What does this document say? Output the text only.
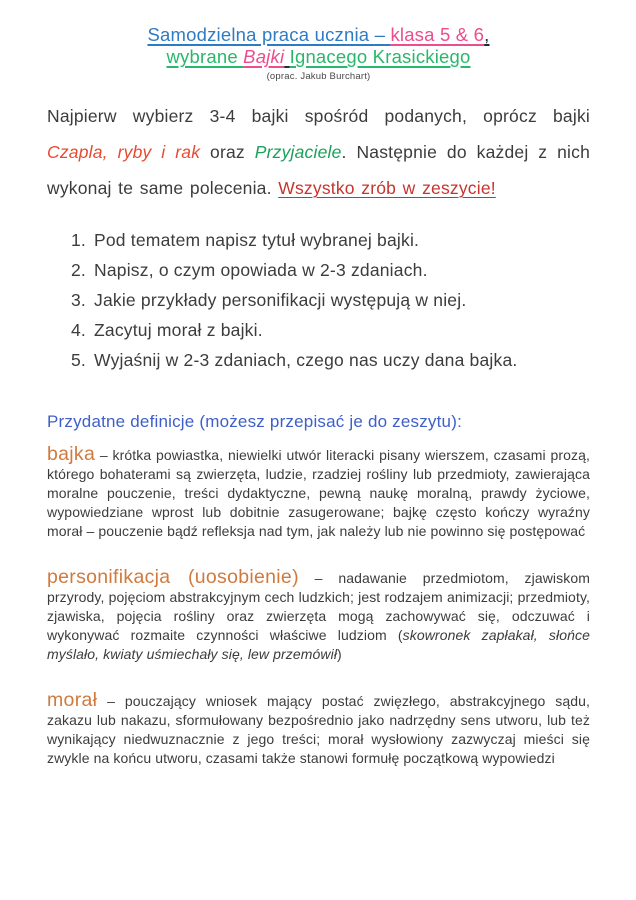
Samodzielna praca ucznia – klasa 5 & 6,
wybrane Bajki Ignacego Krasickiego
(oprac. Jakub Burchart)

Najpierw wybierz 3-4 bajki spośród podanych, oprócz bajki Czapla, ryby i rak oraz Przyjaciele. Następnie do każdej z nich wykonaj te same polecenia. Wszystko zrób w zeszycie!

1. Pod tematem napisz tytuł wybranej bajki.
2. Napisz, o czym opowiada w 2-3 zdaniach.
3. Jakie przykłady personifikacji występują w niej.
4. Zacytuj morał z bajki.
5. Wyjaśnij w 2-3 zdaniach, czego nas uczy dana bajka.
Przydatne definicje (możesz przepisać je do zeszytu):

bajka – krótka powiastka, niewielki utwór literacki pisany wierszem, czasami prozą, którego bohaterami są zwierzęta, ludzie, rzadziej rośliny lub przedmioty, zawierająca moralne pouczenie, treści dydaktyczne, pewną naukę moralną, prawdy życiowe, wypowiedziane wprost lub dobitnie zasugerowane; bajkę często kończy wyraźny morał – pouczenie bądź refleksja nad tym, jak należy lub nie powinno się postępować

personifikacja (uosobienie) – nadawanie przedmiotom, zjawiskom przyrody, pojęciom abstrakcyjnym cech ludzkich; jest rodzajem animizacji; przedmioty, zjawiska, pojęcia rośliny oraz zwierzęta mogą zachowywać się, odczuwać i wykonywać rozmaite czynności właściwe ludziom (skowronek zapłakał, słońce myślało, kwiaty uśmiechały się, lew przemówił)

morał – pouczający wniosek mający postać zwięzłego, abstrakcyjnego sądu, zakazu lub nakazu, sformułowany bezpośrednio jako nadrzędny sens utworu, lub też wynikający niedwuznacznie z jego treści; morał wysłowiony zazwyczaj mieści się zwykle na końcu utworu, czasami także stanowi formułę początkową wypowiedzi
